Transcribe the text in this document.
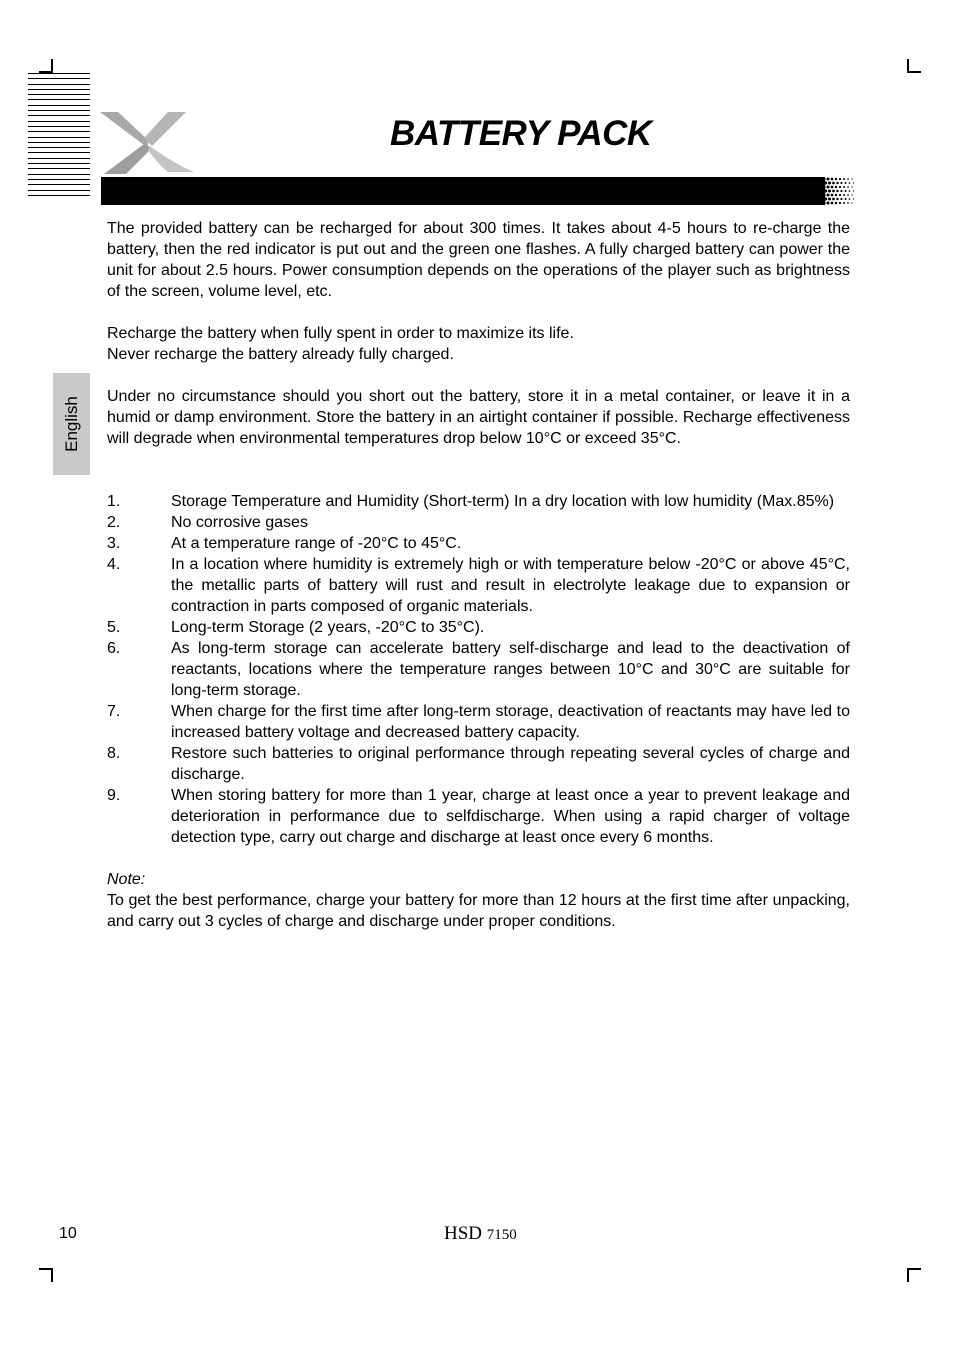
BATTERY PACK
English

The provided battery can be recharged for about 300 times. It takes about 4-5 hours to re-charge the battery, then the red indicator is put out and the green one flashes. A fully charged battery can power the unit for about 2.5 hours. Power consumption depends on the operations of the player such as brightness of the screen, volume level, etc.

Recharge the battery when fully spent in order to maximize its life.

Never recharge the battery already fully charged.

Under no circumstance should you short out the battery, store it in a metal container, or leave it in a humid or damp environment. Store the battery in an airtight container if possible. Recharge effectiveness will degrade when environmental temperatures drop below 10°C or exceed 35°C.

1.	Storage Temperature and Humidity (Short-term) In a dry location with low humidity (Max.85%)
2.	No corrosive gases
3.	At a temperature range of -20°C to 45°C.
4.	In a location where humidity is extremely high or with temperature below -20°C or above 45°C, the metallic parts of battery will rust and result in electrolyte leakage due to expansion or contraction in parts composed of organic materials.
5.	Long-term Storage (2 years, -20°C to 35°C).
6.	As long-term storage can accelerate battery self-discharge and lead to the deactivation of reactants, locations where the temperature ranges between 10°C and 30°C are suitable for long-term storage.
7.	When charge for the first time after long-term storage, deactivation of reactants may have led to increased battery voltage and decreased battery capacity.
8.	Restore such batteries to original performance through repeating several cycles of charge and discharge.
9.	When storing battery for more than 1 year, charge at least once a year to prevent leakage and deterioration in performance due to selfdischarge. When using a rapid charger of voltage detection type, carry out charge and discharge at least once every 6 months.

Note:

To get the best performance, charge your battery for more than 12 hours at the first time after unpacking, and carry out 3 cycles of charge and discharge under proper conditions.

10	HSD 7150
